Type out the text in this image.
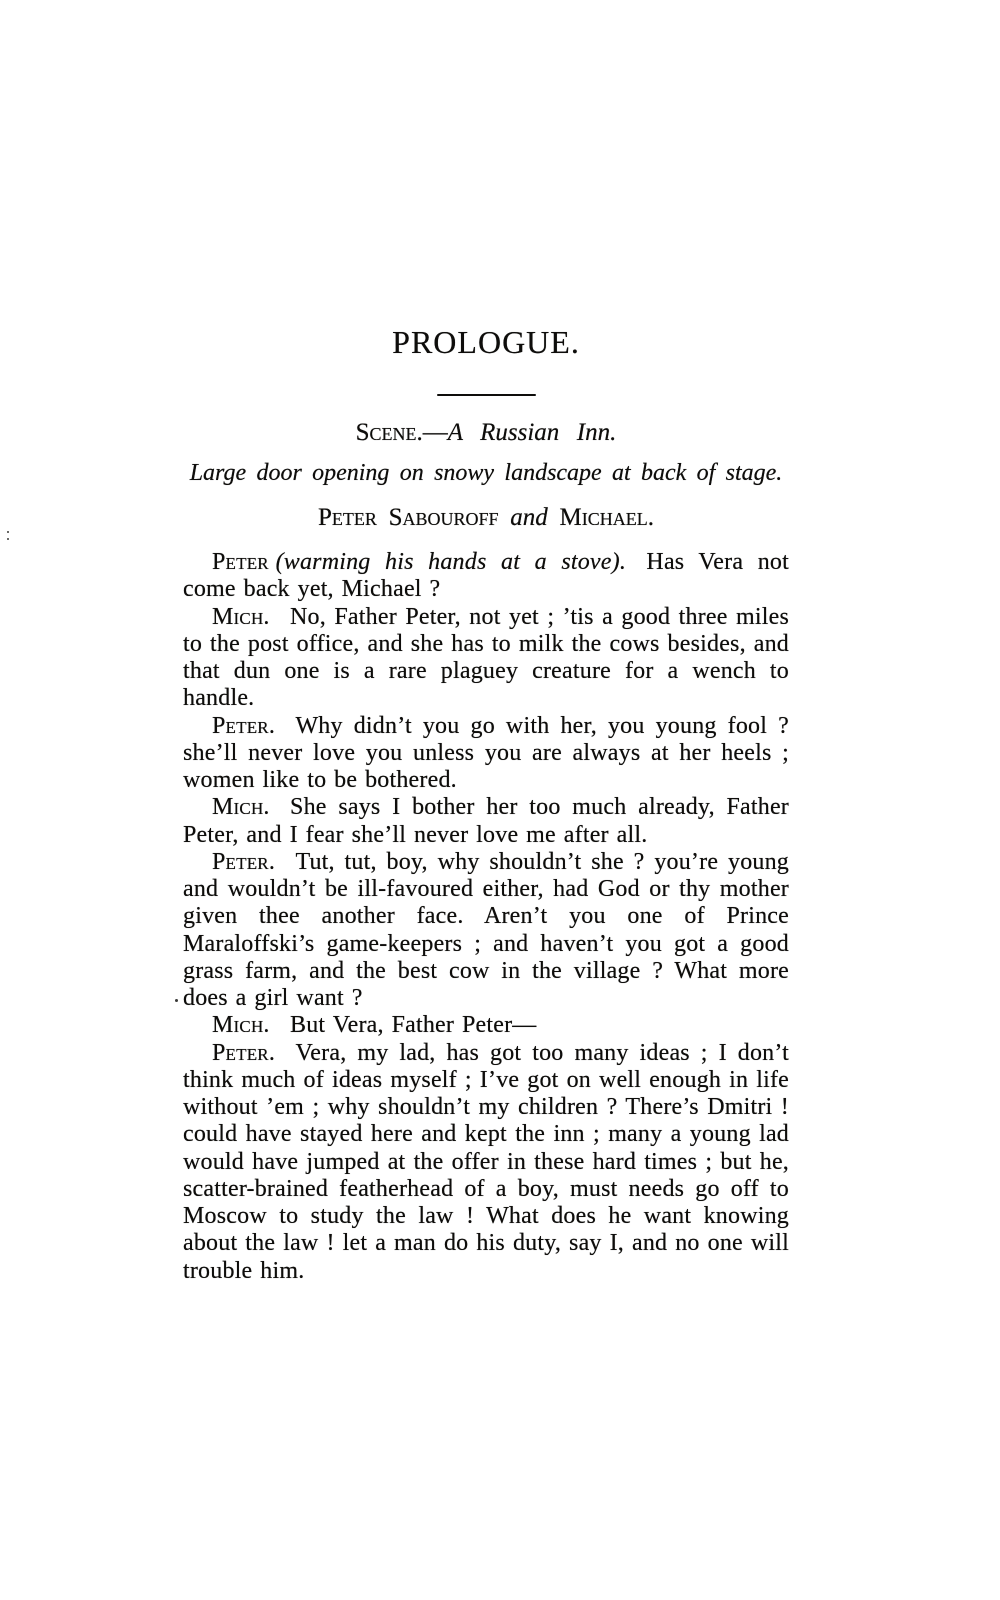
PROLOGUE.
Scene.—A Russian Inn.
Large door opening on snowy landscape at back of stage.
Peter Sabouroff and Michael.

Peter (warming his hands at a stove). Has Vera not come back yet, Michael ?

Mich. No, Father Peter, not yet ; ’tis a good three miles to the post office, and she has to milk the cows besides, and that dun one is a rare plaguey creature for a wench to handle.

Peter. Why didn’t you go with her, you young fool ? she’ll never love you unless you are always at her heels ; women like to be bothered.

Mich. She says I bother her too much already, Father Peter, and I fear she’ll never love me after all.

Peter. Tut, tut, boy, why shouldn’t she ? you’re young and wouldn’t be ill-favoured either, had God or thy mother given thee another face. Aren’t you one of Prince Maraloffski’s game-keepers ; and haven’t you got a good grass farm, and the best cow in the village ? What more does a girl want ?

Mich. But Vera, Father Peter—

Peter. Vera, my lad, has got too many ideas ; I don’t think much of ideas myself ; I’ve got on well enough in life without ’em ; why shouldn’t my children ? There’s Dmitri ! could have stayed here and kept the inn ; many a young lad would have jumped at the offer in these hard times ; but he, scatter-brained featherhead of a boy, must needs go off to Moscow to study the law ! What does he want knowing about the law ! let a man do his duty, say I, and no one will trouble him.
